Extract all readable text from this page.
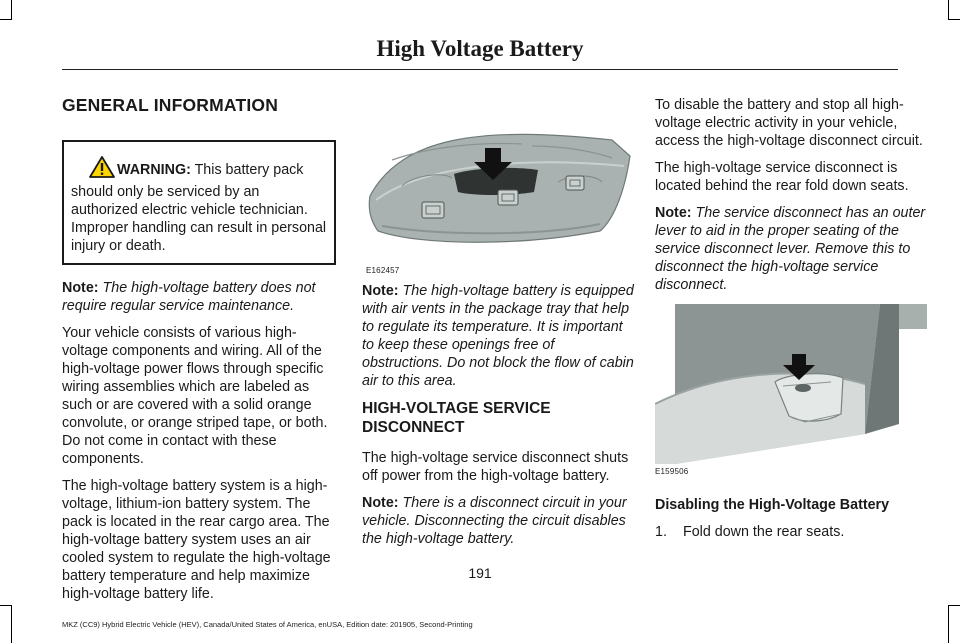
High Voltage Battery
GENERAL INFORMATION
WARNING: This battery pack should only be serviced by an authorized electric vehicle technician. Improper handling can result in personal injury or death.

Note: The high-voltage battery does not require regular service maintenance.

Your vehicle consists of various high-voltage components and wiring. All of the high-voltage power flows through specific wiring assemblies which are labeled as such or are covered with a solid orange convolute, or orange striped tape, or both. Do not come in contact with these components.

The high-voltage battery system is a high-voltage, lithium-ion battery system. The pack is located in the rear cargo area. The high-voltage battery system uses an air cooled system to regulate the high-voltage battery temperature and help maximize high-voltage battery life.

E162457

Note: The high-voltage battery is equipped with air vents in the package tray that help to regulate its temperature. It is important to keep these openings free of obstructions. Do not block the flow of cabin air to this area.

HIGH-VOLTAGE SERVICE DISCONNECT

The high-voltage service disconnect shuts off power from the high-voltage battery.

Note: There is a disconnect circuit in your vehicle. Disconnecting the circuit disables the high-voltage battery.

To disable the battery and stop all high-voltage electric activity in your vehicle, access the high-voltage disconnect circuit.

The high-voltage service disconnect is located behind the rear fold down seats.

Note: The service disconnect has an outer lever to aid in the proper seating of the service disconnect lever. Remove this to disconnect the high-voltage service disconnect.

E159506
Disabling the High-Voltage Battery
1.	Fold down the rear seats.
191
MKZ (CC9) Hybrid Electric Vehicle (HEV), Canada/United States of America, enUSA, Edition date: 201905, Second-Printing
